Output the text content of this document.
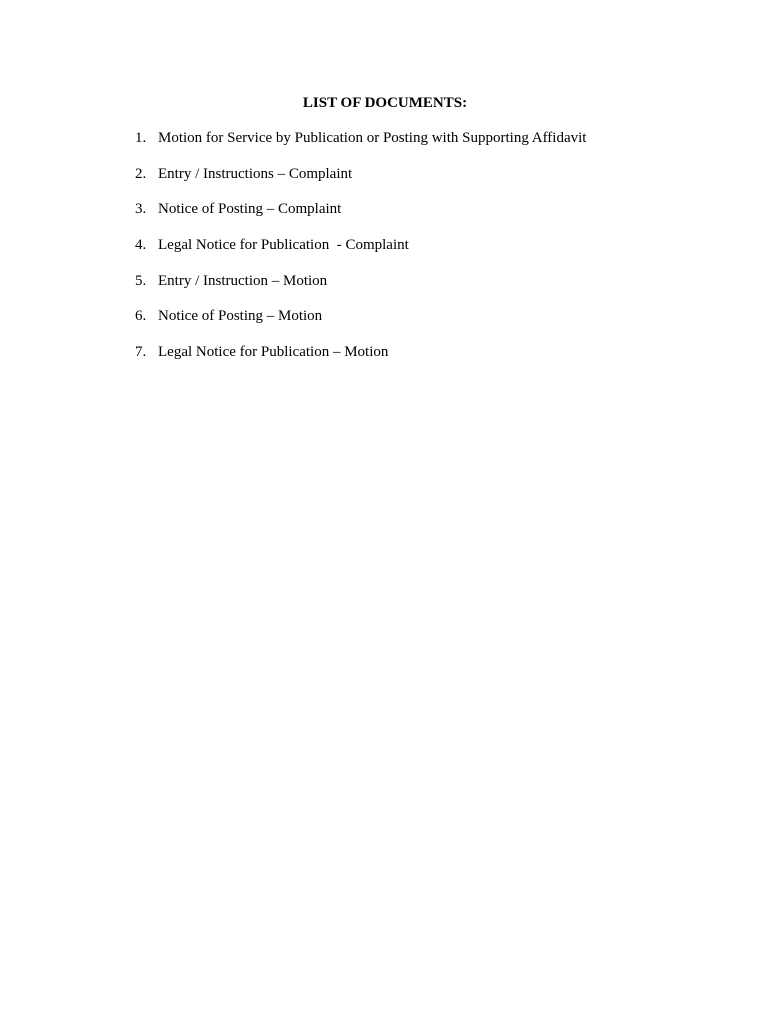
LIST OF DOCUMENTS:
1. Motion for Service by Publication or Posting with Supporting Affidavit
2. Entry / Instructions – Complaint
3. Notice of Posting – Complaint
4. Legal Notice for Publication  - Complaint
5. Entry / Instruction – Motion
6. Notice of Posting – Motion
7. Legal Notice for Publication – Motion
